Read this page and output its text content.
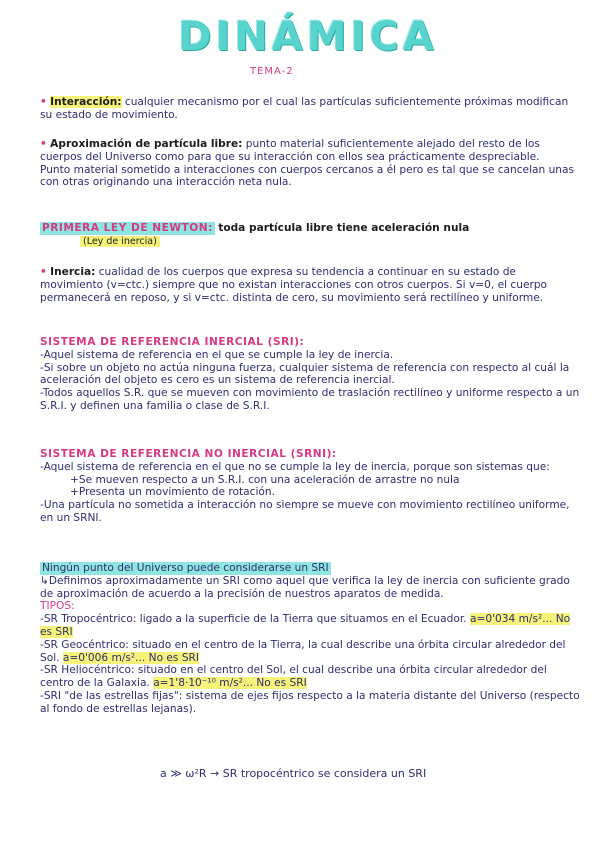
DINÁMICA
TEMA-2
• Interacción: cualquier mecanismo por el cual las partículas suficientemente próximas modifican su estado de movimiento.
• Aproximación de partícula libre: punto material suficientemente alejado del resto de los cuerpos del Universo como para que su interacción con ellos sea prácticamente despreciable.
Punto material sometido a interacciones con cuerpos cercanos a él pero es tal que se cancelan unas con otras originando una interacción neta nula.
PRIMERA LEY DE NEWTON: toda partícula libre tiene aceleración nula
(Ley de inercia)
• Inercia: cualidad de los cuerpos que expresa su tendencia a continuar en su estado de movimiento (v=ctc.) siempre que no existan interacciones con otros cuerpos. Si v=0, el cuerpo permanecerá en reposo, y si v=ctc. distinta de cero, su movimiento será rectilíneo y uniforme.
SISTEMA DE REFERENCIA INERCIAL (SRI):
-Aquel sistema de referencia en el que se cumple la ley de inercia.
-Si sobre un objeto no actúa ninguna fuerza, cualquier sistema de referencia con respecto al cuál la aceleración del objeto es cero es un sistema de referencia inercial.
-Todos aquellos S.R. que se mueven con movimiento de traslación rectilíneo y uniforme respecto a un S.R.I. y definen una familia o clase de S.R.I.
SISTEMA DE REFERENCIA NO INERCIAL (SRNI):
-Aquel sistema de referencia en el que no se cumple la ley de inercia, porque son sistemas que:
+Se mueven respecto a un S.R.I. con una aceleración de arrastre no nula
+Presenta un movimiento de rotación.
-Una partícula no sometida a interacción no siempre se mueve con movimiento rectilíneo uniforme, en un SRNI.
Ningún punto del Universo puede considerarse un SRI
↳Definimos aproximadamente un SRI como aquel que verifica la ley de inercia con suficiente grado de aproximación de acuerdo a la precisión de nuestros aparatos de medida.
TIPOS:
-SR Tropocéntrico: ligado a la superficie de la Tierra que situamos en el Ecuador. a=0'034 m/s²... No es SRI
-SR Geocéntrico: situado en el centro de la Tierra, la cual describe una órbita circular alrededor del Sol. a=0'006 m/s²... No es SRI
-SR Heliocéntrico: situado en el centro del Sol, el cual describe una órbita circular alrededor del centro de la Galaxia. a=1'8·10⁻¹⁰ m/s²... No es SRI
-SRI "de las estrellas fijas": sistema de ejes fijos respecto a la materia distante del Universo (respecto al fondo de estrellas lejanas).
a ≫ ω²R → SR tropocéntrico se considera un SRI
